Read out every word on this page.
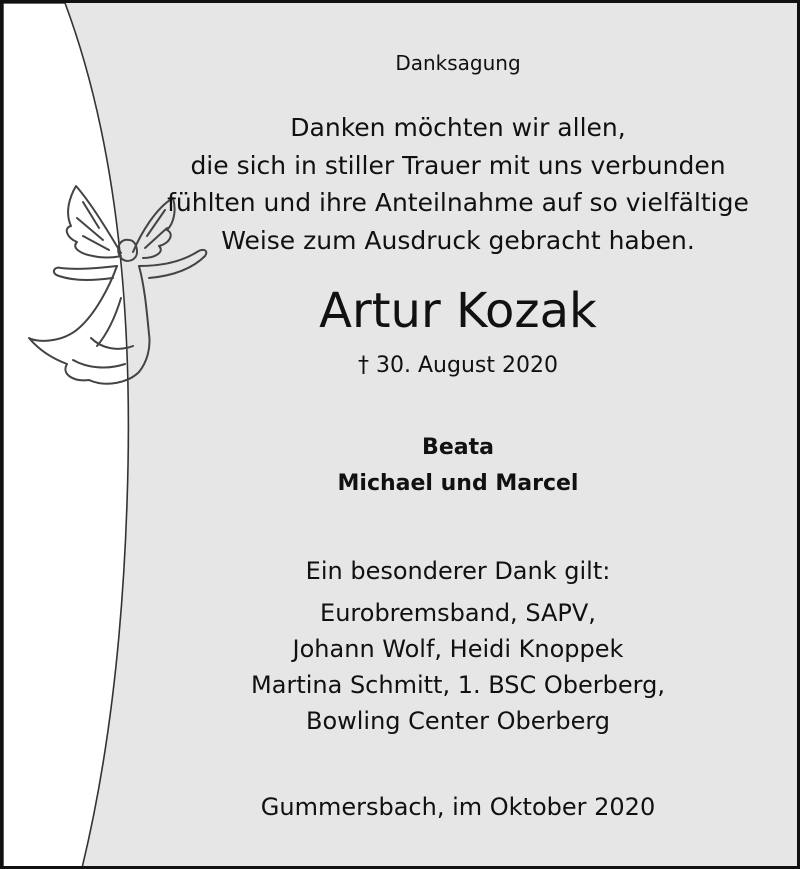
Danksagung
Danken möchten wir allen,
die sich in stiller Trauer mit uns verbunden
fühlten und ihre Anteilnahme auf so vielfältige
Weise zum Ausdruck gebracht haben.
Artur Kozak
† 30. August 2020
Beata
Michael und Marcel
Ein besonderer Dank gilt:
Eurobremsband, SAPV,
Johann Wolf, Heidi Knoppek
Martina Schmitt, 1. BSC Oberberg,
Bowling Center Oberberg
Gummersbach, im Oktober 2020
